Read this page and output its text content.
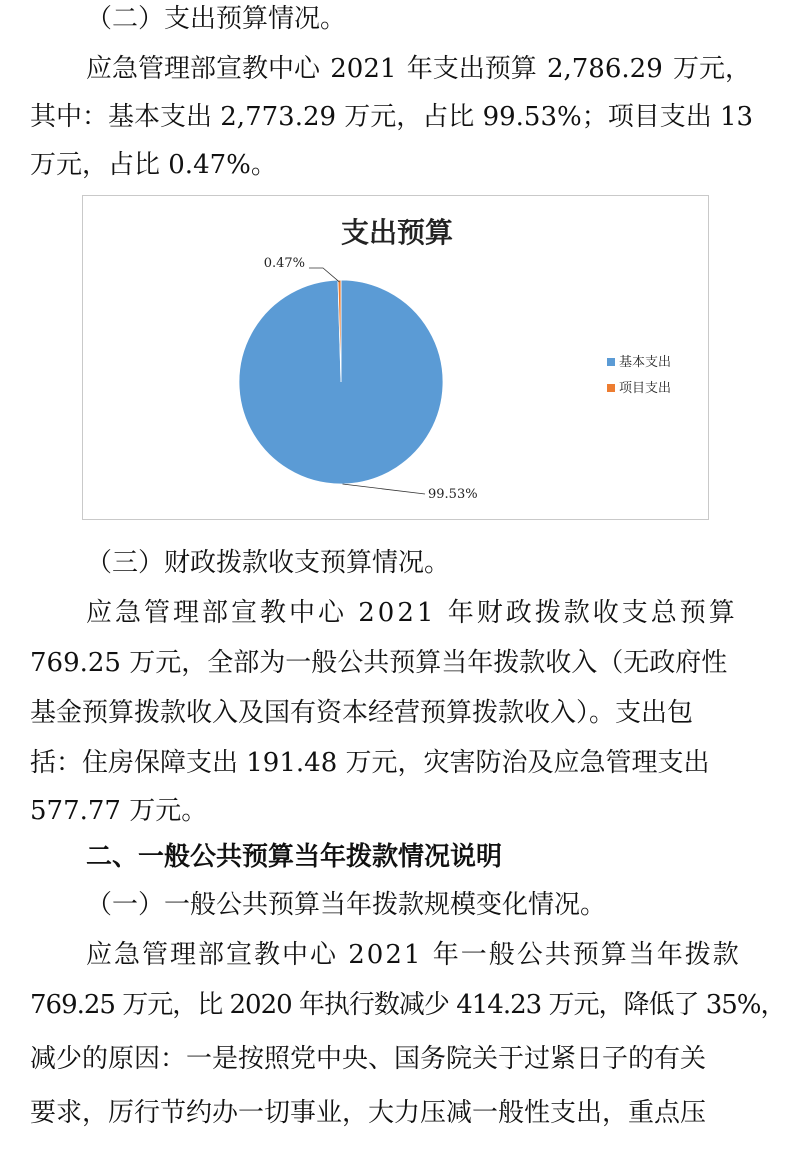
（二）支出预算情况。
应急管理部宣教中心 2021 年支出预算 2,786.29 万元，
其中：基本支出 2,773.29 万元，占比 99.53%；项目支出 13
万元，占比 0.47%。
支出预算
99.53%
0.47%
基本支出
项目支出
（三）财政拨款收支预算情况。
应急管理部宣教中心 2021 年财政拨款收支总预算
769.25 万元，全部为一般公共预算当年拨款收入（无政府性
基金预算拨款收入及国有资本经营预算拨款收入）。支出包
括：住房保障支出 191.48 万元，灾害防治及应急管理支出
577.77 万元。
二、一般公共预算当年拨款情况说明
（一）一般公共预算当年拨款规模变化情况。
应急管理部宣教中心 2021 年一般公共预算当年拨款
769.25 万元，比 2020 年执行数减少 414.23 万元，降低了 35%，
减少的原因：一是按照党中央、国务院关于过紧日子的有关
要求，厉行节约办一切事业，大力压减一般性支出，重点压
